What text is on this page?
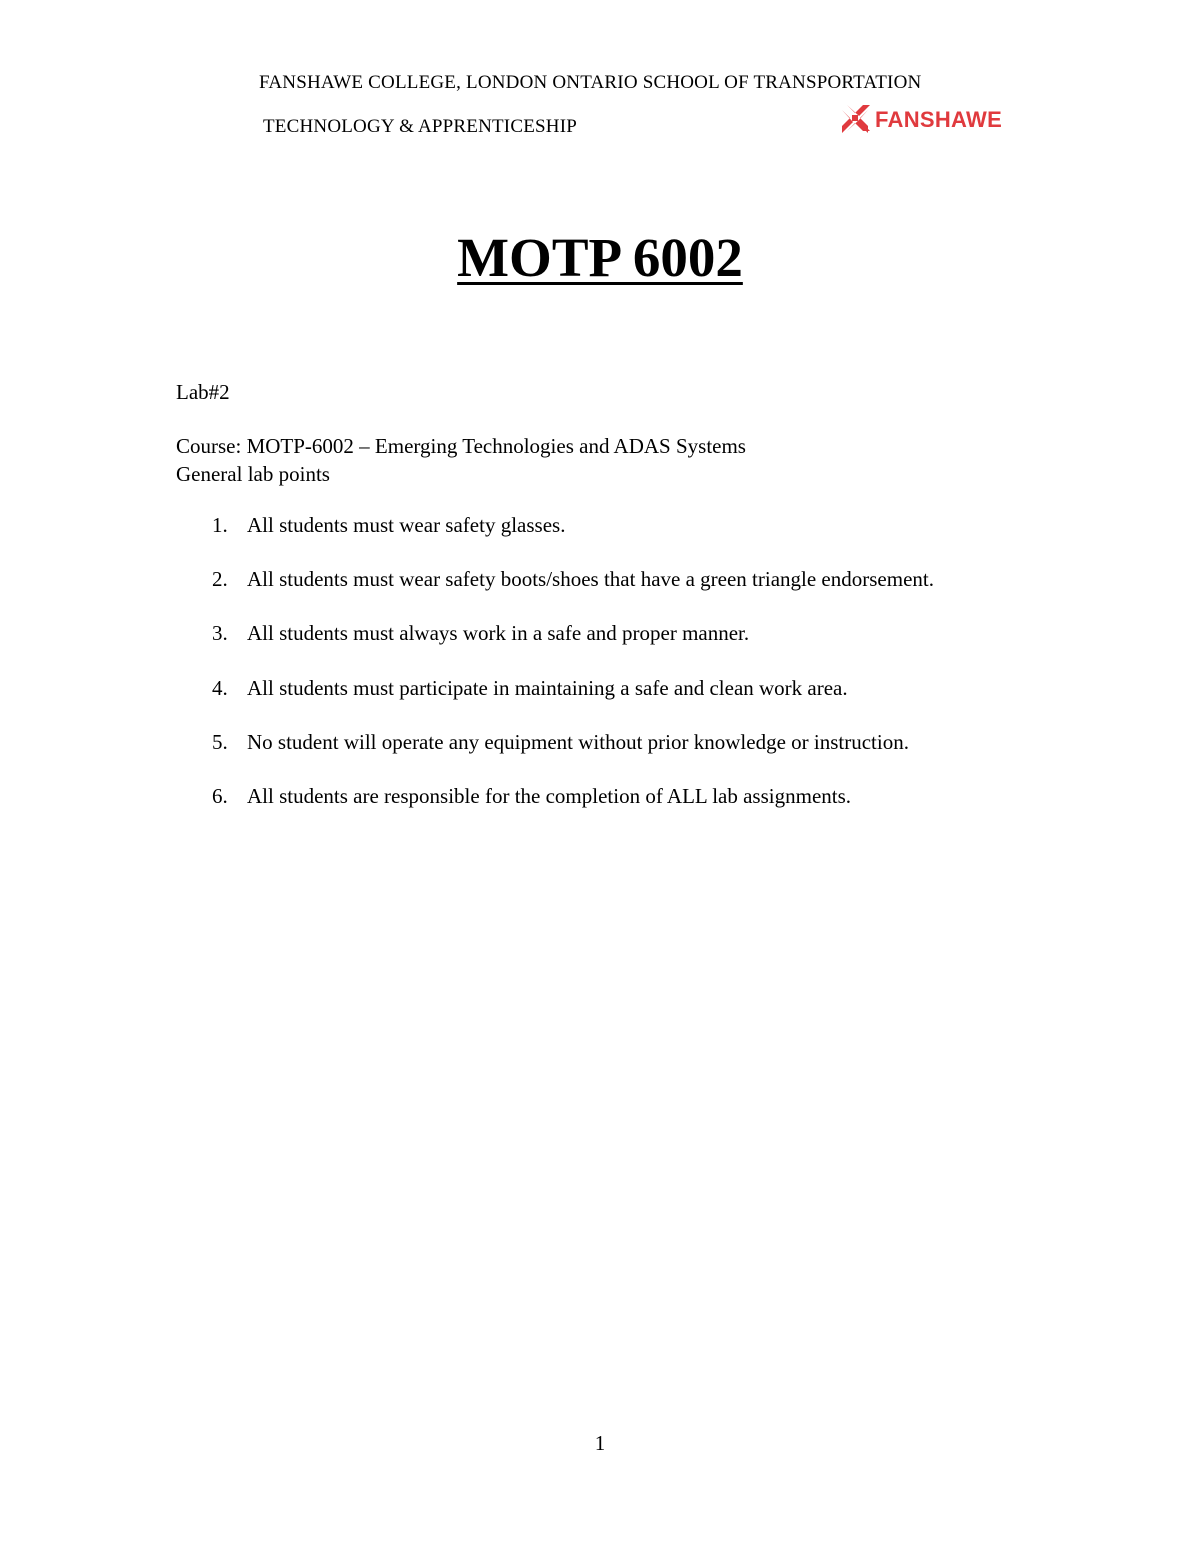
FANSHAWE COLLEGE, LONDON ONTARIO SCHOOL OF TRANSPORTATION
TECHNOLOGY & APPRENTICESHIP	FANSHAWE
MOTP 6002
Lab#2
Course: MOTP-6002 – Emerging Technologies and ADAS Systems
General lab points
1. All students must wear safety glasses.
2. All students must wear safety boots/shoes that have a green triangle endorsement.
3. All students must always work in a safe and proper manner.
4. All students must participate in maintaining a safe and clean work area.
5. No student will operate any equipment without prior knowledge or instruction.
6. All students are responsible for the completion of ALL lab assignments.
1
